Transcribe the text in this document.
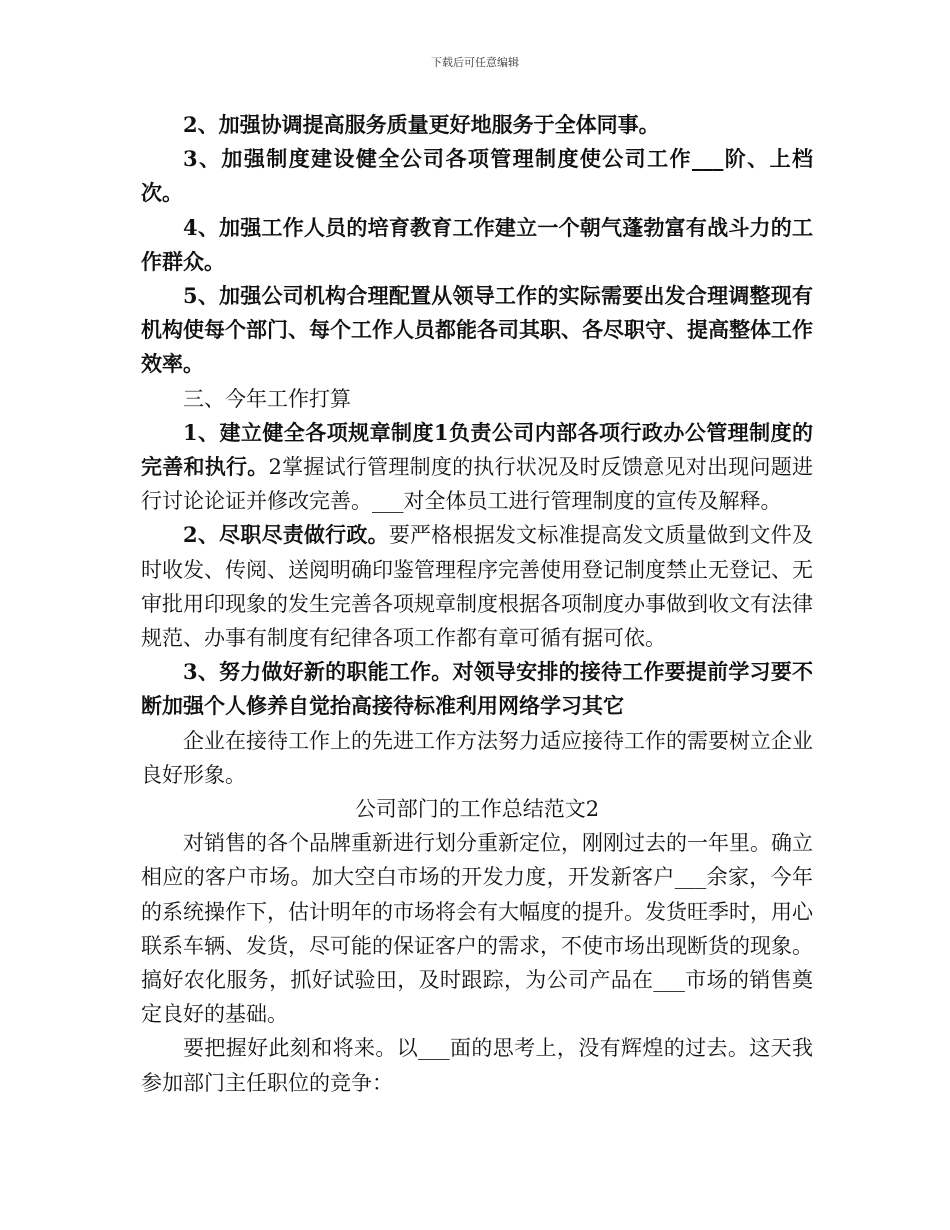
下载后可任意编辑

2、加强协调提高服务质量更好地服务于全体同事。

3、加强制度建设健全公司各项管理制度使公司工作___阶、上档次。

4、加强工作人员的培育教育工作建立一个朝气蓬勃富有战斗力的工作群众。

5、加强公司机构合理配置从领导工作的实际需要出发合理调整现有机构使每个部门、每个工作人员都能各司其职、各尽职守、提高整体工作效率。

三、今年工作打算

1、建立健全各项规章制度1负责公司内部各项行政办公管理制度的完善和执行。2掌握试行管理制度的执行状况及时反馈意见对出现问题进行讨论论证并修改完善。___对全体员工进行管理制度的宣传及解释。

2、尽职尽责做行政。要严格根据发文标准提高发文质量做到文件及时收发、传阅、送阅明确印鉴管理程序完善使用登记制度禁止无登记、无审批用印现象的发生完善各项规章制度根据各项制度办事做到收文有法律规范、办事有制度有纪律各项工作都有章可循有据可依。

3、努力做好新的职能工作。对领导安排的接待工作要提前学习要不断加强个人修养自觉抬高接待标准利用网络学习其它

企业在接待工作上的先进工作方法努力适应接待工作的需要树立企业良好形象。

公司部门的工作总结范文2

对销售的各个品牌重新进行划分重新定位，刚刚过去的一年里。确立相应的客户市场。加大空白市场的开发力度，开发新客户___余家，今年的系统操作下，估计明年的市场将会有大幅度的提升。发货旺季时，用心联系车辆、发货，尽可能的保证客户的需求，不使市场出现断货的现象。搞好农化服务，抓好试验田，及时跟踪，为公司产品在___市场的销售奠定良好的基础。

要把握好此刻和将来。以___面的思考上，没有辉煌的过去。这天我参加部门主任职位的竞争：
